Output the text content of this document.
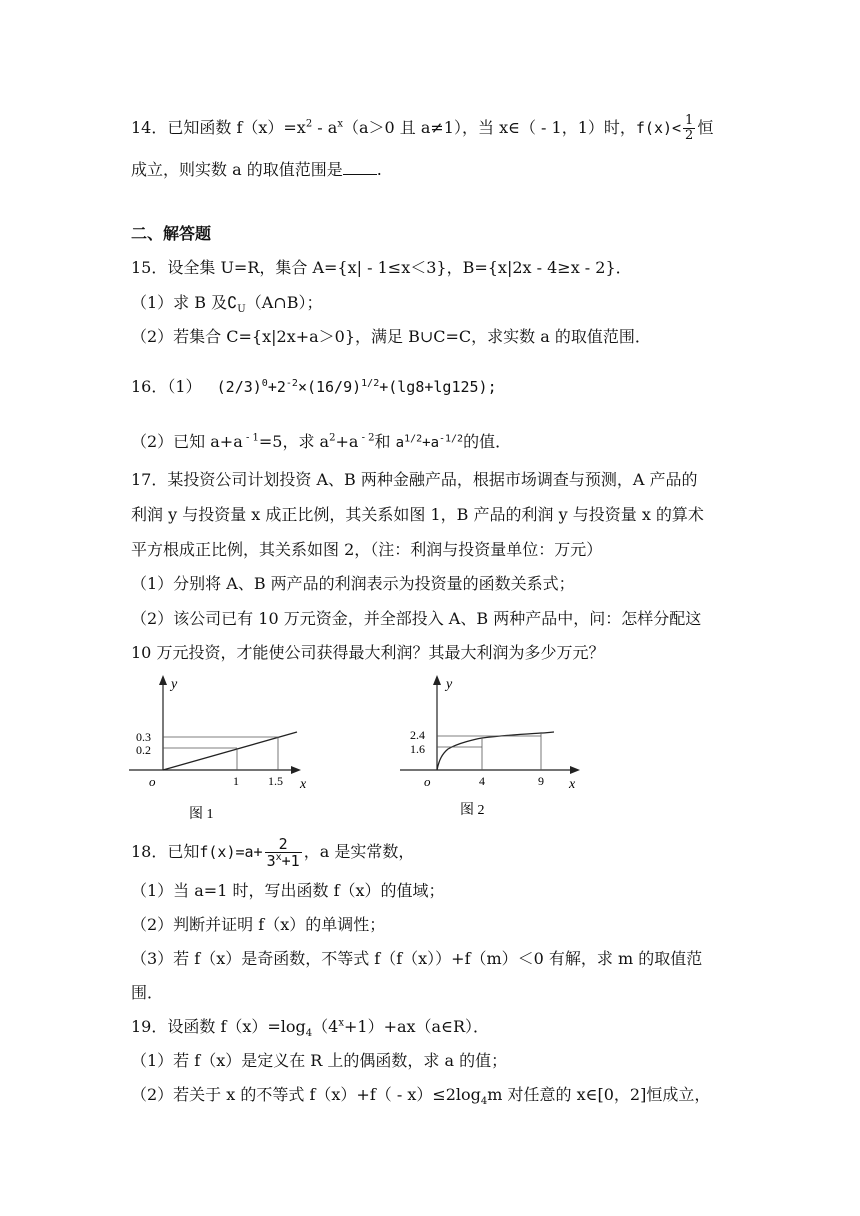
14．已知函数 $f(x)=x^2 - a^x(a>0$ 且 a≠1），当 x∈（ - 1，1）时，$f(x)< \frac{1}{2}$ 恒
成立，则实数 a 的取值范围是 .
二、解答题
15．设全集 U=R，集合 A={x| - 1≤x＜3}，B={x|2x - 4≥x - 2}．
（1）求 B 及$∁_U(A\cap B)$；
（2）若集合 C={x|2x+a＞0}，满足 B∪C=C，求实数 a 的取值范围．
16．（1） $(2/3)^0+2^{-2}\times(16/9)^{1/2}+(\lg 8+\lg 125)$;
（2）已知 a+a $^{- 1}$=5，求 $a^2+a$ $^{- 2}$和 $a^{1/2}+a^{-1/2}$的值．
17．某投资公司计划投资 A、B 两种金融产品，根据市场调查与预测，A 产品的
利润 y 与投资量 x 成正比例，其关系如图 1，B 产品的利润 y 与投资量 x 的算术
平方根成正比例，其关系如图 2，（注：利润与投资量单位：万元）
（1）分别将 A、B 两产品的利润表示为投资量的函数关系式；
（2）该公司已有 10 万元资金，并全部投入 A、B 两种产品中，问：怎样分配这
10 万元投资，才能使公司获得最大利润？其最大利润为多少万元？
y
x
o
0.3
0.2
1 1.5
图 1
y
x
o
2.4
1.6
4	9
图 2
18．已知$f(x)=a+ \frac{2}{3^x+1}$ ，a 是实常数，
（1）当 a=1 时，写出函数 f（x）的值域；
（2）判断并证明 f（x）的单调性；
（3）若 f（x）是奇函数，不等式 f（f（x））+f（m）＜0 有解，求 m 的取值范
围．
19．设函数 $f(x)=\log_4(4^x+1)+ax(a\in R)$．
（1）若 f（x）是定义在 R 上的偶函数，求 a 的值；
（2）若关于 x 的不等式 $f(x)+f( - x)\le 2\log_4m$ 对任意的 x∈[0，2]恒成立，
